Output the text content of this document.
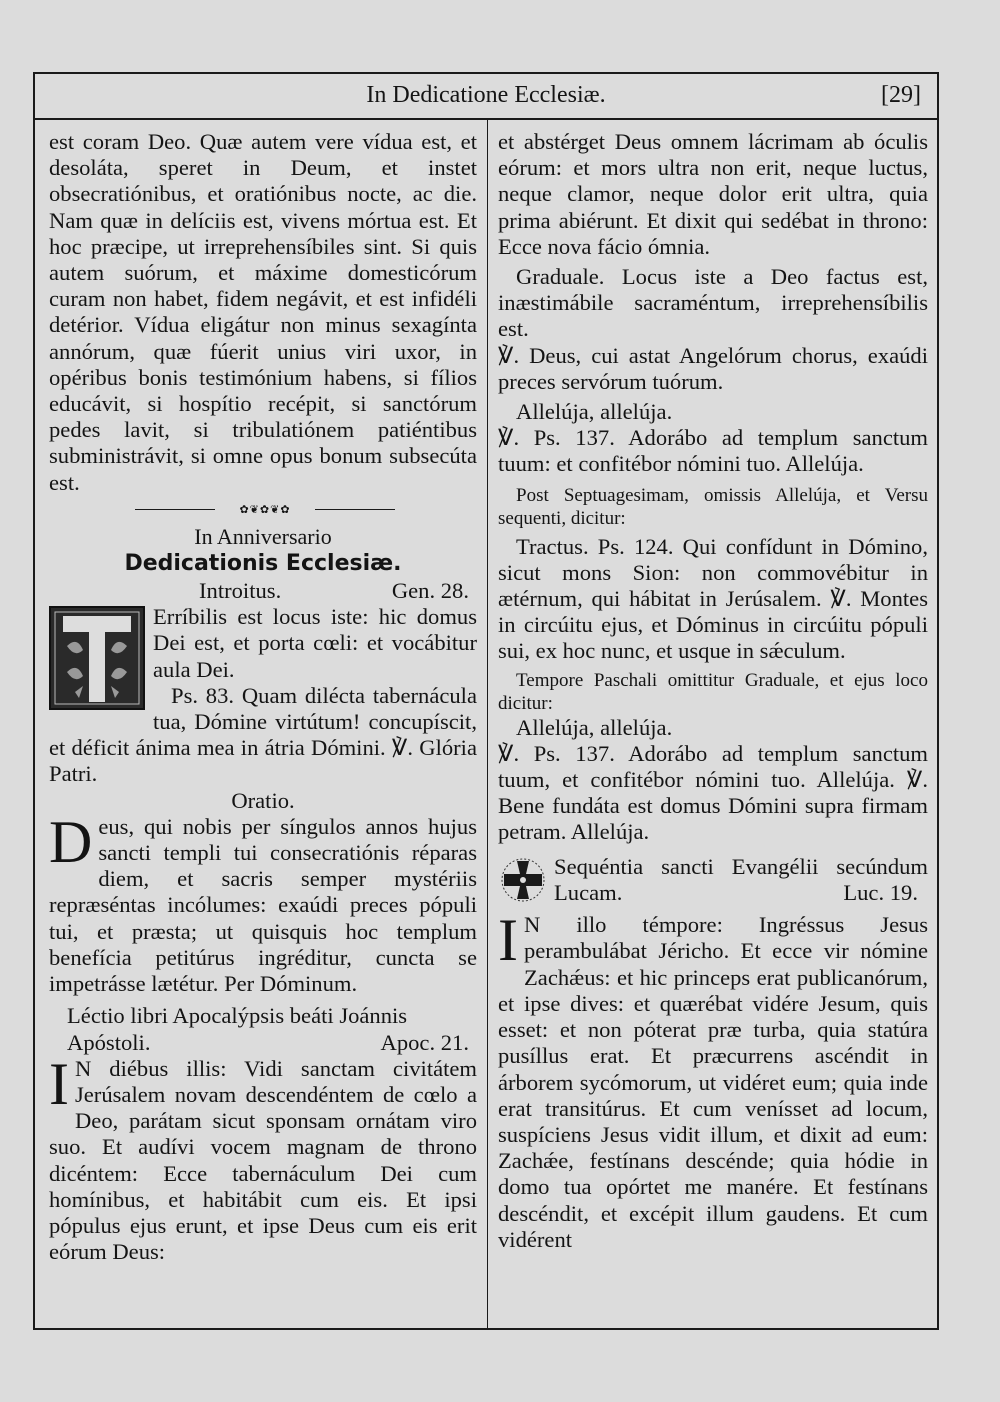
In Dedicatione Ecclesiæ.	[29]

est coram Deo. Quæ autem vere vídua est, et desoláta, speret in Deum, et instet obsecratiónibus, et oratiónibus nocte, ac die. Nam quæ in delíciis est, vivens mórtua est. Et hoc præcipe, ut irreprehensíbiles sint. Si quis autem suórum, et máxime domesticórum curam non habet, fidem negávit, et est infidéli detérior. Vídua eligátur non minus sexagínta annórum, quæ fúerit unius viri uxor, in opéribus bonis testimónium habens, si fílios educávit, si hospítio recépit, si sanctórum pedes lavit, si tribulatiónem patiéntibus subministrávit, si omne opus bonum subsecúta est.

✿❦✿❦✿

In Anniversario

Dedicationis Ecclesiæ.
Introitus.	Gen. 28.

Erríbilis est locus iste: hic domus Dei est, et porta cœli: et vocábitur aula Dei.

Ps. 83. Quam dilécta tabernácula tua, Dómine virtútum! concupíscit, et déficit ánima mea in átria Dómini. ℣. Glória Patri.

Oratio.

D eus, qui nobis per síngulos annos hujus sancti templi tui consecratiónis réparas diem, et sacris semper mystériis repræséntas incólumes: exaúdi preces pópuli tui, et præsta; ut quisquis hoc templum benefícia petitúrus ingréditur, cuncta se impetrásse lætétur. Per Dóminum.

Léctio libri Apocalýpsis beáti Joánnis

Apóstoli.	Apoc. 21.
I N diébus illis: Vidi sanctam civitátem Jerúsalem novam descendéntem de cœlo a Deo, parátam sicut sponsam ornátam viro suo. Et audívi vocem magnam de throno dicéntem: Ecce tabernáculum Dei cum homínibus, et habitábit cum eis. Et ipsi pópulus ejus erunt, et ipse Deus cum eis erit eórum Deus:

et abstérget Deus omnem lácrimam ab óculis eórum: et mors ultra non erit, neque luctus, neque clamor, neque dolor erit ultra, quia prima abiérunt. Et dixit qui sedébat in throno: Ecce nova fácio ómnia.

Graduale. Locus iste a Deo factus est, inæstimábile sacraméntum, irreprehensíbilis est.

℣. Deus, cui astat Angelórum chorus, exaúdi preces servórum tuórum.

Allelúja, allelúja.

℣. Ps. 137. Adorábo ad templum sanctum tuum: et confitébor nómini tuo. Allelúja.

Post Septuagesimam, omissis Allelúja, et Versu sequenti, dicitur:

Tractus. Ps. 124. Qui confídunt in Dómino, sicut mons Sion: non commovébitur in ætérnum, qui hábitat in Jerúsalem. ℣. Montes in circúitu ejus, et Dóminus in circúitu pópuli sui, ex hoc nunc, et usque in sǽculum.

Tempore Paschali omittitur Graduale, et ejus loco dicitur:

Allelúja, allelúja.

℣. Ps. 137. Adorábo ad templum sanctum tuum, et confitébor nómini tuo. Allelúja. ℣. Bene fundáta est domus Dómini supra firmam petram. Allelúja.

Sequéntia sancti Evangélii secúndum Lucam.	Luc. 19.
I N illo témpore: Ingréssus Jesus perambulábat Jéricho. Et ecce vir nómine Zachǽus: et hic princeps erat publicanórum, et ipse dives: et quærébat vidére Jesum, quis esset: et non póterat præ turba, quia statúra pusíllus erat. Et præcurrens ascéndit in árborem sycómorum, ut vidéret eum; quia inde erat transitúrus. Et cum venísset ad locum, suspíciens Jesus vidit illum, et dixit ad eum: Zachǽe, festínans descénde; quia hódie in domo tua opórtet me manére. Et festínans descéndit, et excépit illum gaudens. Et cum vidérent
